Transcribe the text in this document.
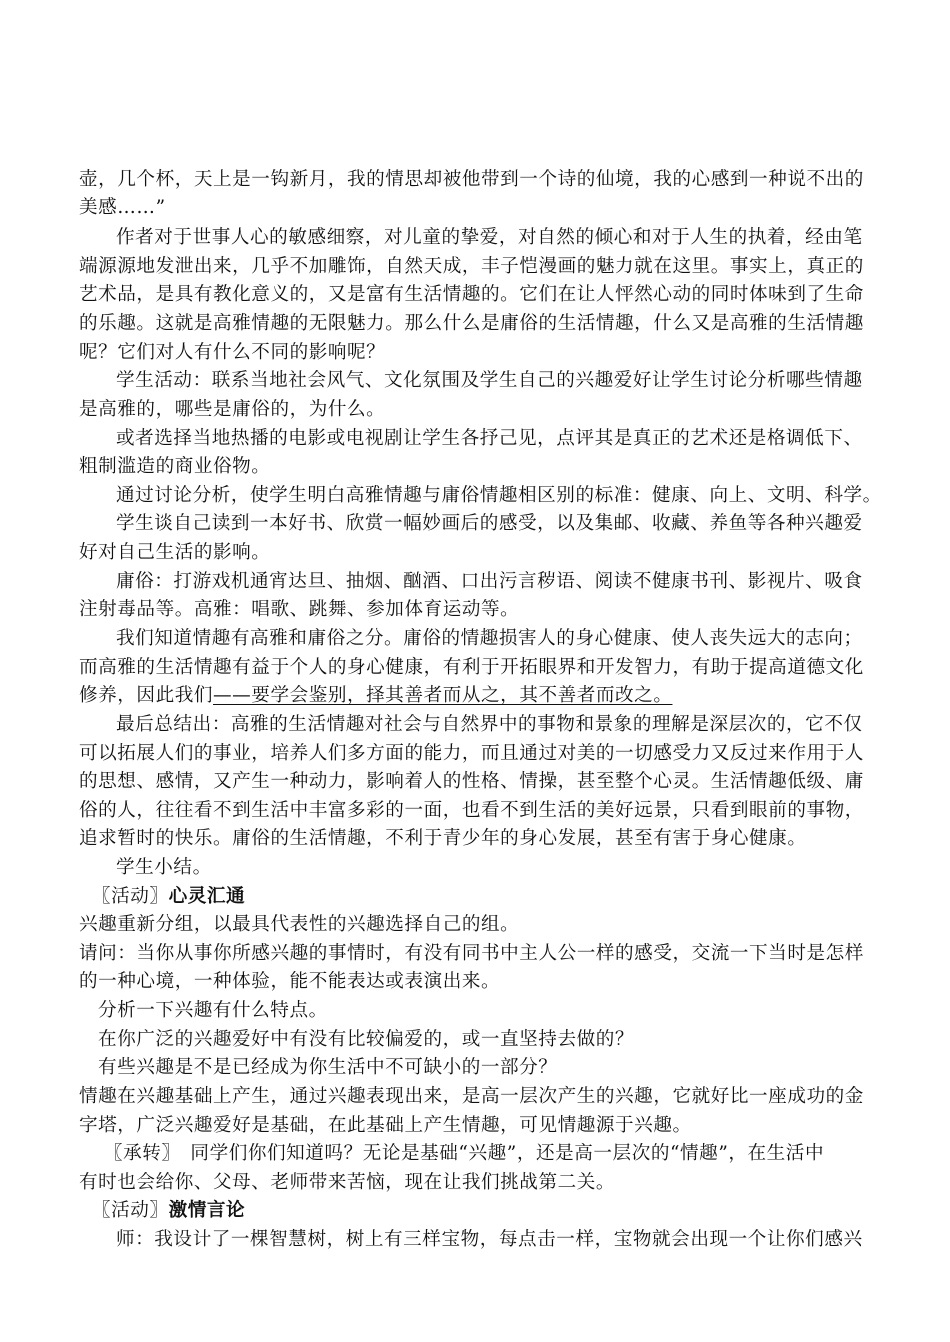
壶，几个杯，天上是一钩新月，我的情思却被他带到一个诗的仙境，我的心感到一种说不出的
美感……”
作者对于世事人心的敏感细察，对儿童的挚爱，对自然的倾心和对于人生的执着，经由笔
端源源地发泄出来，几乎不加雕饰，自然天成，丰子恺漫画的魅力就在这里。事实上，真正的
艺术品，是具有教化意义的，又是富有生活情趣的。它们在让人怦然心动的同时体味到了生命
的乐趣。这就是高雅情趣的无限魅力。那么什么是庸俗的生活情趣，什么又是高雅的生活情趣
呢？它们对人有什么不同的影响呢？
学生活动：联系当地社会风气、文化氛围及学生自己的兴趣爱好让学生讨论分析哪些情趣
是高雅的，哪些是庸俗的，为什么。
或者选择当地热播的电影或电视剧让学生各抒己见，点评其是真正的艺术还是格调低下、
粗制滥造的商业俗物。
通过讨论分析，使学生明白高雅情趣与庸俗情趣相区别的标准：健康、向上、文明、科学。
学生谈自己读到一本好书、欣赏一幅妙画后的感受，以及集邮、收藏、养鱼等各种兴趣爱
好对自己生活的影响。
庸俗：打游戏机通宵达旦、抽烟、酗酒、口出污言秽语、阅读不健康书刊、影视片、吸食
注射毒品等。高雅：唱歌、跳舞、参加体育运动等。
我们知道情趣有高雅和庸俗之分。庸俗的情趣损害人的身心健康、使人丧失远大的志向；
而高雅的生活情趣有益于个人的身心健康，有利于开拓眼界和开发智力，有助于提高道德文化
修养，因此我们——要学会鉴别，择其善者而从之，其不善者而改之。
最后总结出：高雅的生活情趣对社会与自然界中的事物和景象的理解是深层次的，它不仅
可以拓展人们的事业，培养人们多方面的能力，而且通过对美的一切感受力又反过来作用于人
的思想、感情，又产生一种动力，影响着人的性格、情操，甚至整个心灵。生活情趣低级、庸
俗的人，往往看不到生活中丰富多彩的一面，也看不到生活的美好远景，只看到眼前的事物，
追求暂时的快乐。庸俗的生活情趣，不利于青少年的身心发展，甚至有害于身心健康。
学生小结。
〖活动〗心灵汇通
兴趣重新分组，以最具代表性的兴趣选择自己的组。
请问：当你从事你所感兴趣的事情时，有没有同书中主人公一样的感受，交流一下当时是怎样
的一种心境，一种体验，能不能表达或表演出来。
分析一下兴趣有什么特点。
在你广泛的兴趣爱好中有没有比较偏爱的，或一直坚持去做的？
有些兴趣是不是已经成为你生活中不可缺小的一部分？
情趣在兴趣基础上产生，通过兴趣表现出来，是高一层次产生的兴趣，它就好比一座成功的金
字塔，广泛兴趣爱好是基础，在此基础上产生情趣，可见情趣源于兴趣。
〖承转〗　同学们你们知道吗？无论是基础“兴趣”，还是高一层次的“情趣”，在生活中
有时也会给你、父母、老师带来苦恼，现在让我们挑战第二关。
〖活动〗激情言论
师：我设计了一棵智慧树，树上有三样宝物，每点击一样，宝物就会出现一个让你们感兴
